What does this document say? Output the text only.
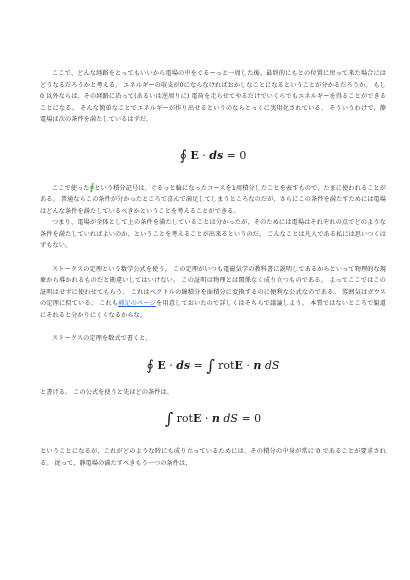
ここで、どんな経路をとってもいいから電場の中をぐるーっと一周した後、最終的にもとの位置に戻って来た場合にはどうなるだろうかと考える。 エネルギーの収支が0にならなければおかしなことになるということが分かるだろうか。 もし 0 以外ならば、その経路に沿って(あるいは逆周りに) 電荷を走らせてやるだけでいくらでもエネルギーを得ることができることになる。 そんな簡単なことでエネルギーが作り出せるというのならとっくに実用化されている。 そういうわけで、静電場は次の条件を満たしているはずだ。

∮ E · ds = 0

ここで使った∮という積分記号は、ぐるっと輪になったコースを1周積分したことを表すもので、たまに使われることがある。 普通ならこの条件が分かったところで喜んで満足してしまうところなのだが、さらにこの条件を満たすためには電場はどんな条件を満たしているべきかということを考えることができる。

つまり、電場が全体として上の条件を満たしていることは分かったが、そのためには電場はそれぞれの点でどのような条件を満たしていればよいのか、ということを考えることが出来るというのだ。 こんなことは凡人である私には思いつくはずもない。

ストークスの定理という数学公式を使う。 この定理がいつも電磁気学の教科書に説明してあるからといって物理的な現象から導かれるものだと勘違いしてはいけない。 この証明は物理とは関係なく成り立つものである。 よってここではこの証明はせずに使わせてもらう。 これはベクトルの線積分を面積分に変換するのに便利な公式なのである。 雰囲気はガウスの定理に似ている。 これも補足のページを用意しておいたので詳しくはそちらで議論しよう。 本質ではないところで脇道にそれると分かりにくくなるからな。

ストークスの定理を数式で書くと、

∮ E · ds = ∫ rotE · n dS

と書ける。 この公式を使うと先ほどの条件は、

∫ rotE · n dS = 0

ということになるが、これがどのような時にも成り立っているためには、その積分の中身が常に 0 であることが要求される。 従って、静電場の満たすべきもう一つの条件は、
